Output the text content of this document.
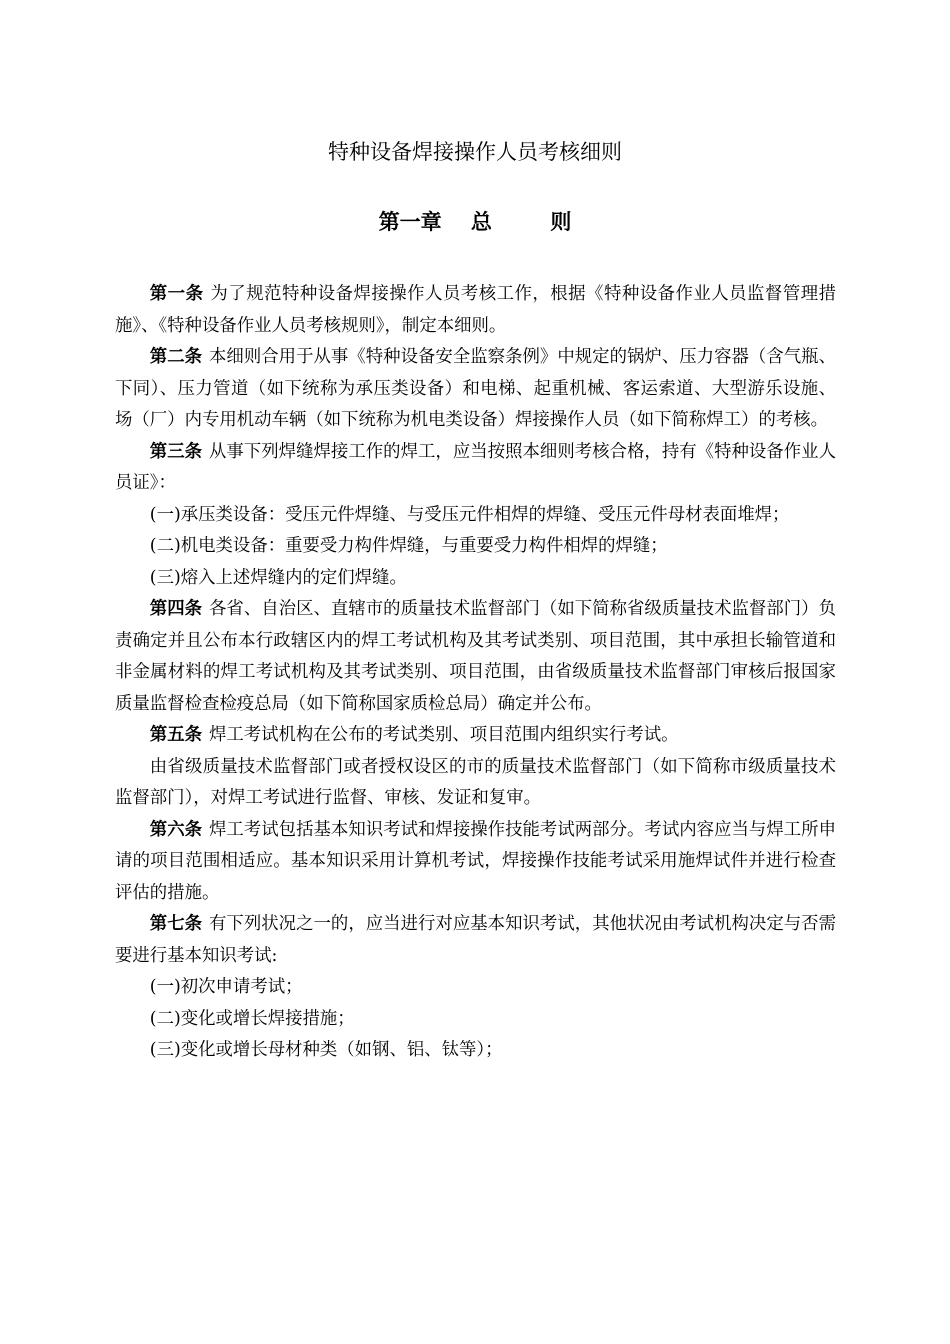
特种设备焊接操作人员考核细则
第一章    总        则

第一条 为了规范特种设备焊接操作人员考核工作，根据《特种设备作业人员监督管理措施》、《特种设备作业人员考核规则》，制定本细则。

第二条 本细则合用于从事《特种设备安全监察条例》中规定的锅炉、压力容器（含气瓶、下同）、压力管道（如下统称为承压类设备）和电梯、起重机械、客运索道、大型游乐设施、场（厂）内专用机动车辆（如下统称为机电类设备）焊接操作人员（如下简称焊工）的考核。

第三条 从事下列焊缝焊接工作的焊工，应当按照本细则考核合格，持有《特种设备作业人员证》：

(一)承压类设备：受压元件焊缝、与受压元件相焊的焊缝、受压元件母材表面堆焊；

(二)机电类设备：重要受力构件焊缝，与重要受力构件相焊的焊缝；

(三)熔入上述焊缝内的定们焊缝。

第四条 各省、自治区、直辖市的质量技术监督部门（如下简称省级质量技术监督部门）负责确定并且公布本行政辖区内的焊工考试机构及其考试类别、项目范围，其中承担长输管道和非金属材料的焊工考试机构及其考试类别、项目范围，由省级质量技术监督部门审核后报国家质量监督检查检疫总局（如下简称国家质检总局）确定并公布。

第五条 焊工考试机构在公布的考试类别、项目范围内组织实行考试。

由省级质量技术监督部门或者授权设区的市的质量技术监督部门（如下简称市级质量技术监督部门），对焊工考试进行监督、审核、发证和复审。

第六条 焊工考试包括基本知识考试和焊接操作技能考试两部分。考试内容应当与焊工所申请的项目范围相适应。基本知识采用计算机考试，焊接操作技能考试采用施焊试件并进行检查评估的措施。

第七条 有下列状况之一的，应当进行对应基本知识考试，其他状况由考试机构决定与否需要进行基本知识考试:

(一)初次申请考试；

(二)变化或增长焊接措施；

(三)变化或增长母材种类（如钢、铝、钛等）；
